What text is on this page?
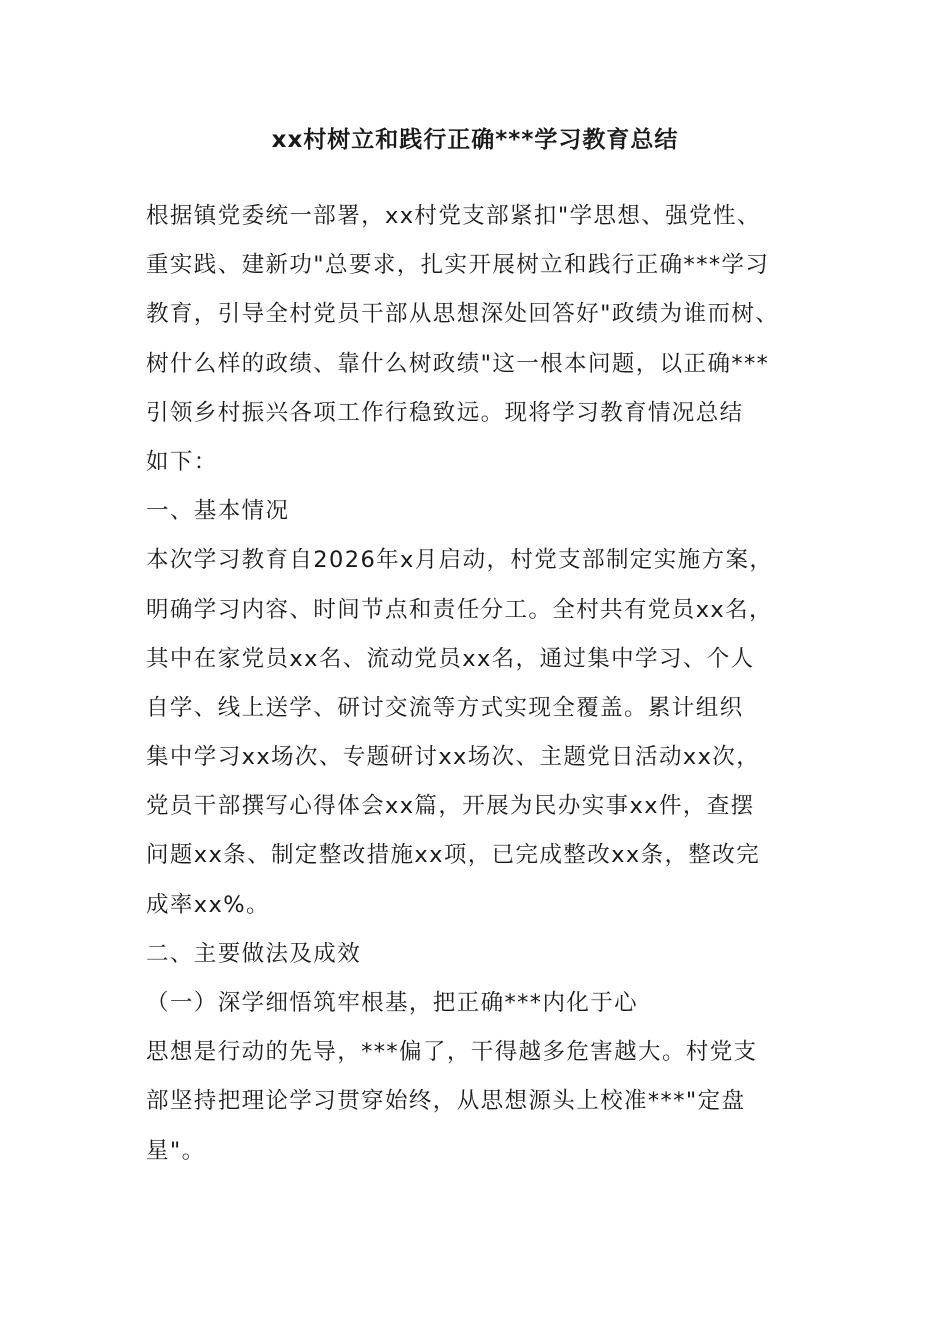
xx村树立和践行正确***学习教育总结
根据镇党委统一部署，xx村党支部紧扣"学思想、强党性、
重实践、建新功"总要求，扎实开展树立和践行正确***学习
教育，引导全村党员干部从思想深处回答好"政绩为谁而树、
树什么样的政绩、靠什么树政绩"这一根本问题，以正确***
引领乡村振兴各项工作行稳致远。现将学习教育情况总结
如下：
一、基本情况
本次学习教育自2026年x月启动，村党支部制定实施方案，
明确学习内容、时间节点和责任分工。全村共有党员xx名，
其中在家党员xx名、流动党员xx名，通过集中学习、个人
自学、线上送学、研讨交流等方式实现全覆盖。累计组织
集中学习xx场次、专题研讨xx场次、主题党日活动xx次，
党员干部撰写心得体会xx篇，开展为民办实事xx件，查摆
问题xx条、制定整改措施xx项，已完成整改xx条，整改完
成率xx%。
二、主要做法及成效
（一）深学细悟筑牢根基，把正确***内化于心
思想是行动的先导，***偏了，干得越多危害越大。村党支
部坚持把理论学习贯穿始终，从思想源头上校准***"定盘
星"。
